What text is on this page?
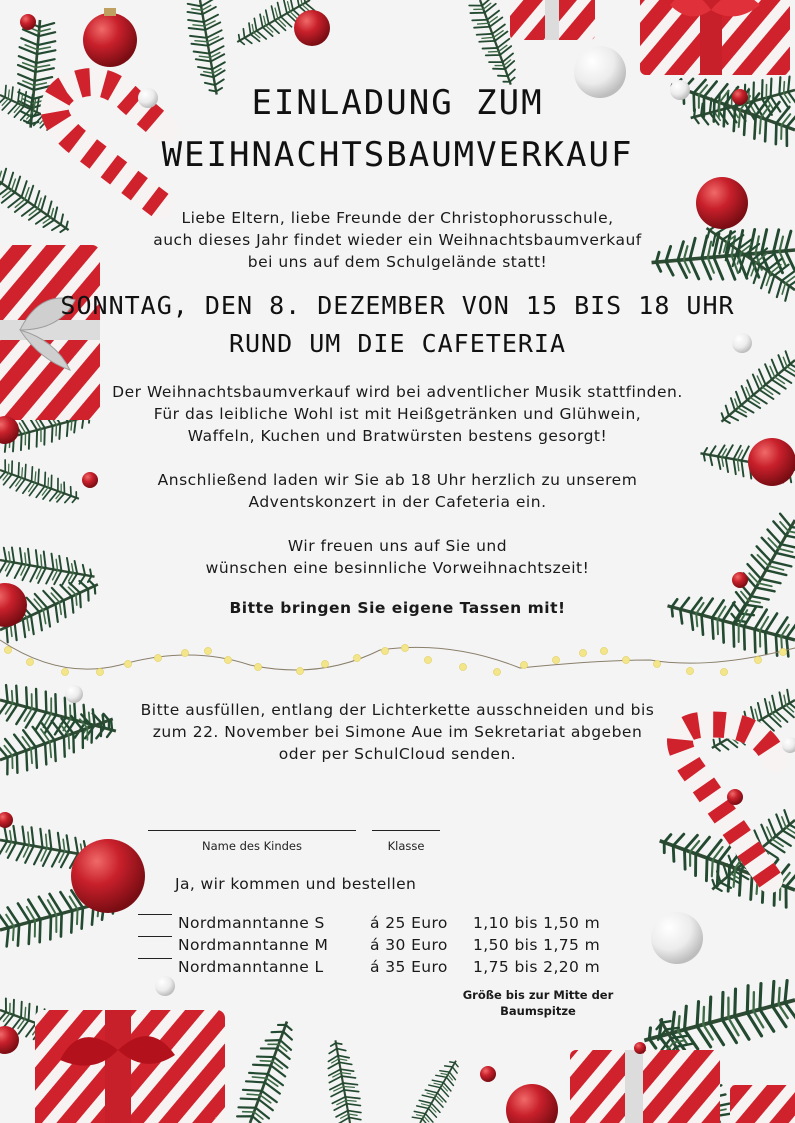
EINLADUNG ZUM
WEIHNACHTSBAUMVERKAUF
Liebe Eltern, liebe Freunde der Christophorusschule,
auch dieses Jahr findet wieder ein Weihnachtsbaumverkauf
bei uns auf dem Schulgelände statt!
SONNTAG, DEN 8. DEZEMBER VON 15 BIS 18 UHR
RUND UM DIE CAFETERIA
Der Weihnachtsbaumverkauf wird bei adventlicher Musik stattfinden.
Für das leibliche Wohl ist mit Heißgetränken und Glühwein,
Waffeln, Kuchen und Bratwürsten bestens gesorgt!
Anschließend laden wir Sie ab 18 Uhr herzlich zu unserem
Adventskonzert in der Cafeteria ein.
Wir freuen uns auf Sie und
wünschen eine besinnliche Vorweihnachtszeit!
Bitte bringen Sie eigene Tassen mit!
Bitte ausfüllen, entlang der Lichterkette ausschneiden und bis
zum 22. November bei Simone Aue im Sekretariat abgeben
oder per SchulCloud senden.
Name des Kindes	Klasse
Ja, wir kommen und bestellen
Nordmanntanne S	á 25 Euro 1,10 bis 1,50 m
Nordmanntanne M	á 30 Euro 1,50 bis 1,75 m
Nordmanntanne L	á 35 Euro 1,75 bis 2,20 m
Größe bis zur Mitte der
Baumspitze
